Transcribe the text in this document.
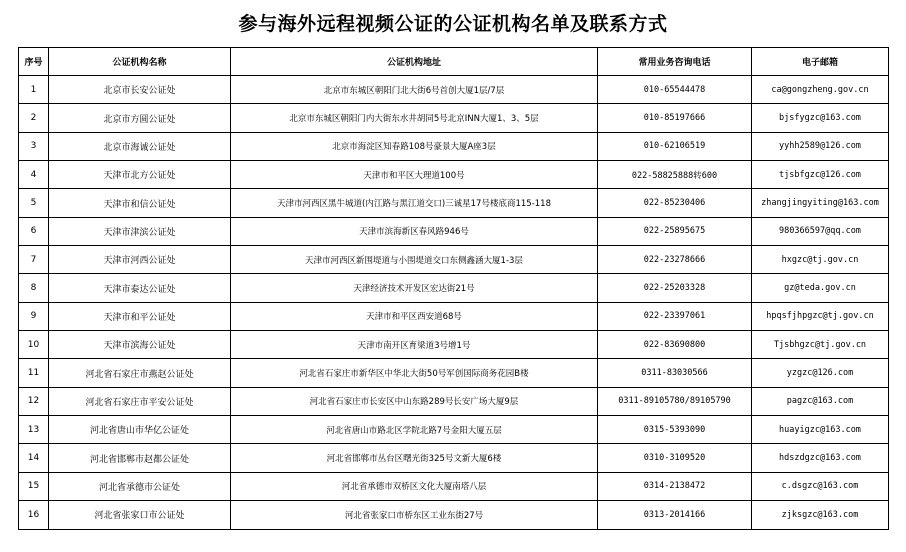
参与海外远程视频公证的公证机构名单及联系方式
序号	公证机构名称	公证机构地址	常用业务咨询电话	电子邮箱
1	北京市长安公证处	北京市东城区朝阳门北大街6号首创大厦1层/7层	010-65544478	ca@gongzheng.gov.cn
2	北京市方圆公证处	北京市东城区朝阳门内大街东水井胡同5号北京INN大厦1、3、5层	010-85197666	bjsfygzc@163.com
3	北京市海诚公证处	北京市海淀区知春路108号豪景大厦A座3层	010-62106519	yyhh2589@126.com
4	天津市北方公证处	天津市和平区大理道100号	022-58825888转600	tjsbfgzc@126.com
5	天津市和信公证处	天津市河西区黑牛城道(内江路与黑江道交口)三诚星17号楼底商115-118	022-85230406	zhangjingyiting@163.com
6	天津市津滨公证处	天津市滨海新区春风路946号	022-25895675	980366597@qq.com
7	天津市河西公证处	天津市河西区新围堤道与小围堤道交口东侧鑫涵大厦1-3层	022-23278666	hxgzc@tj.gov.cn
8	天津市泰达公证处	天津经济技术开发区宏达街21号	022-25203328	gz@teda.gov.cn
9	天津市和平公证处	天津市和平区西安道68号	022-23397061	hpqsfjhpgzc@tj.gov.cn
10	天津市滨海公证处	天津市南开区育梁道3号增1号	022-83690800	Tjsbhgzc@tj.gov.cn
11	河北省石家庄市燕赵公证处	河北省石家庄市新华区中华北大街50号军创国际商务花园B楼	0311-83030566	yzgzc@126.com
12	河北省石家庄市平安公证处	河北省石家庄市长安区中山东路289号长安广场大厦9层	0311-89105780/89105790	pagzc@163.com
13	河北省唐山市华亿公证处	河北省唐山市路北区学院北路7号金阳大厦五层	0315-5393090	huayigzc@163.com
14	河北省邯郸市赵都公证处	河北省邯郸市丛台区曙光街325号文新大厦6楼	0310-3109520	hdszdgzc@163.com
15	河北省承德市公证处	河北省承德市双桥区文化大厦南塔八层	0314-2138472	c.dsgzc@163.com
16	河北省张家口市公证处	河北省张家口市桥东区工业东街27号	0313-2014166	zjksgzc@163.com
